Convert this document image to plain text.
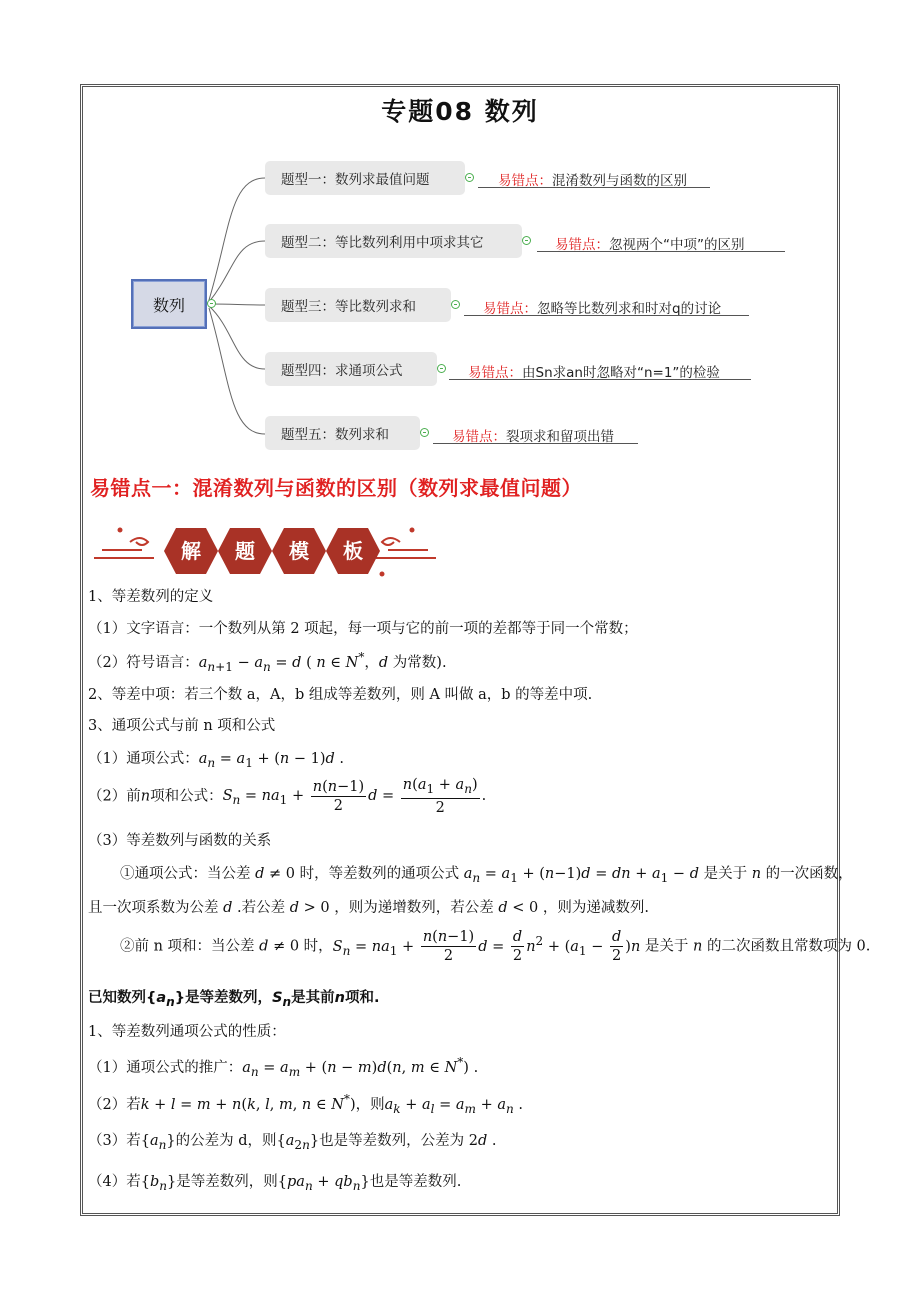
专题08 数列
数列
题型一：数列求最值问题	易错点：混淆数列与函数的区别
题型二：等比数列利用中项求其它	易错点：忽视两个“中项”的区别
题型三：等比数列求和	易错点：忽略等比数列求和时对q的讨论
题型四：求通项公式	易错点：由Sn求an时忽略对“n=1”的检验
题型五：数列求和	易错点：裂项求和留项出错
易错点一：混淆数列与函数的区别（数列求最值问题）
解 题 模 板
1、等差数列的定义
（1）文字语言：一个数列从第 2 项起，每一项与它的前一项的差都等于同一个常数；
（2）符号语言：$a_{n+1} - a_n = d$ ( n ∈ N*，d 为常数).
2、等差中项：若三个数 a，A，b 组成等差数列，则 A 叫做 a，b 的等差中项.
3、通项公式与前 n 项和公式
（1）通项公式：$a_n = a_1 + (n - 1)d$ .
（2）前n项和公式：$S_n = na_1 + \frac{n(n-1)}{2}$ $d = \frac{n(a_1 + a_n)}{2}$ .
（3）等差数列与函数的关系
①通项公式：当公差 d ≠ 0 时，等差数列的通项公式 $a_n = a_1 + (n-1)d$ = dn + $a_1 - d$ 是关于 n 的一次函数，
且一次项系数为公差 d .若公差 d > 0 ，则为递增数列，若公差 d < 0 ，则为递减数列.
②前 n 项和：当公差 d ≠ 0 时，$S_n = na_1 + \frac{n(n-1)}{2}$ $d = \frac{d}{2} n^2 + (a_1 - \frac{d}{2} )n$ 是关于 n 的二次函数且常数项为 0.
已知数列$\{a_n\}$是等差数列，$S_n$是其前n项和.
1、等差数列通项公式的性质：
（1）通项公式的推广：$a_n = a_m + (n - m)d(n$, m ∈ N*) .
（2）若k + l = m + n(k, l, m, n ∈ N*)，则$a_k + a_l = a_m + a_n$ .
（3）若$\{a_n\}$的公差为 d，则$\{a_{2n}\}$也是等差数列，公差为 2d .
（4）若$\{b_n\}$是等差数列，则$\{pa_n + qb_n\}$也是等差数列.
